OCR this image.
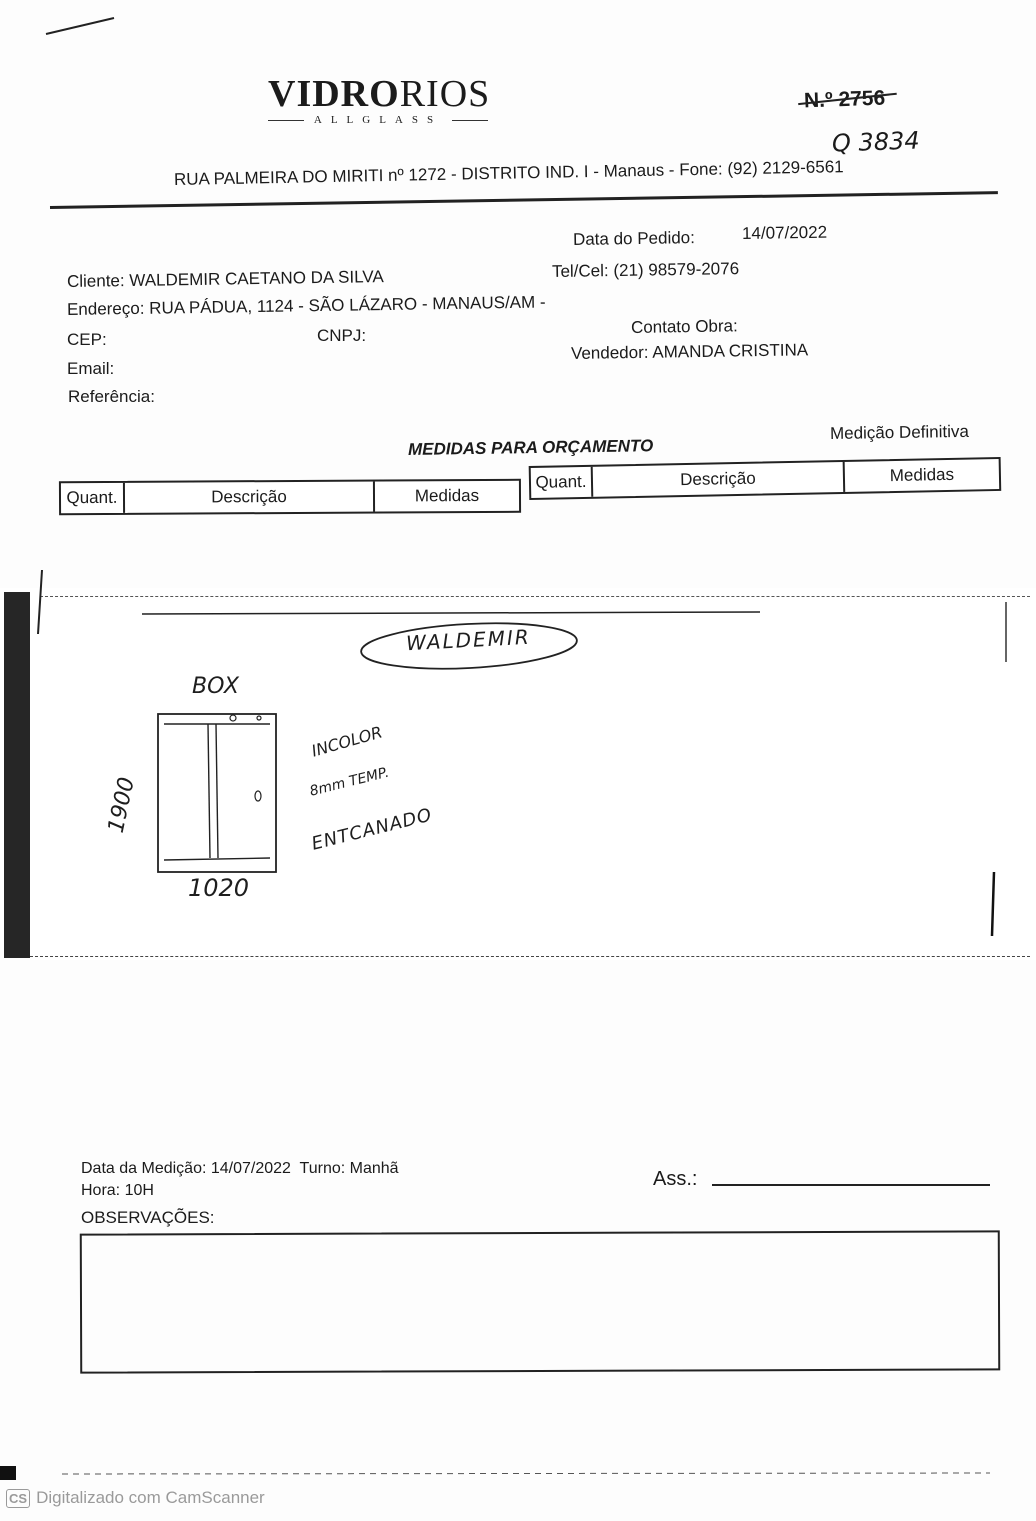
VIDRORIOS
ALLGLASS
N.º 2756
Q 3834
RUA PALMEIRA DO MIRITI nº 1272 - DISTRITO IND. I - Manaus - Fone: (92) 2129-6561
Data do Pedido:	14/07/2022
Cliente: WALDEMIR CAETANO DA SILVA	Tel/Cel: (21) 98579-2076
Endereço: RUA PÁDUA, 1124 - SÃO LÁZARO - MANAUS/AM -
CEP:	CNPJ:	Contato Obra:
Email:
Vendedor: AMANDA CRISTINA
Referência:
MEDIDAS PARA ORÇAMENTO
Medição Definitiva
Quant.	Descrição	Medidas
Quant.	Descrição	Medidas
WALDEMIR
BOX
1900
1020
INCOLOR
8mm TEMP.
ENTCANADO
Data da Medição: 14/07/2022 Turno: Manhã
Hora: 10H
Ass.:
OBSERVAÇÕES:
CS Digitalizado com CamScanner
